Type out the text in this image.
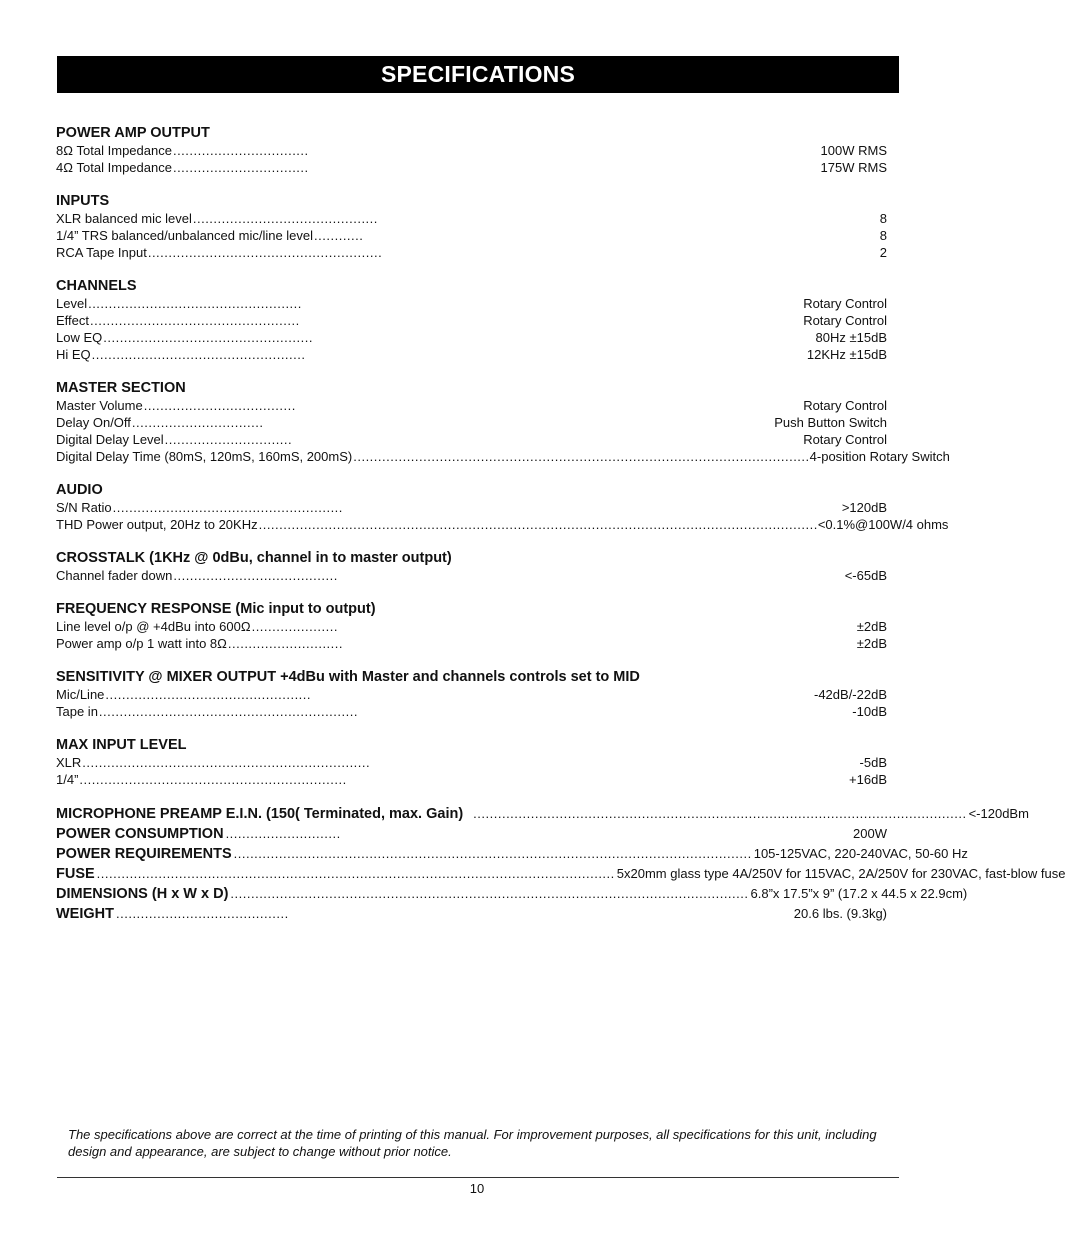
SPECIFICATIONS
POWER AMP OUTPUT
8Ω Total Impedance .................................	100W RMS
4Ω Total Impedance .................................	175W RMS
INPUTS
XLR balanced mic level .............................................	8
1/4” TRS balanced/unbalanced mic/line level ............	8
RCA Tape Input .........................................................	2
CHANNELS
Level ....................................................	Rotary Control
Effect ...................................................	Rotary Control
Low EQ ...................................................	80Hz ±15dB
Hi EQ ....................................................	12KHz ±15dB
MASTER SECTION
Master Volume .....................................	Rotary Control
Delay On/Off ................................	Push Button Switch
Digital Delay Level ...............................	Rotary Control
Digital Delay Time (80mS, 120mS, 160mS, 200mS) ............................................................................................................... 4-position Rotary Switch
AUDIO
S/N Ratio ........................................................	>120dB
THD Power output, 20Hz to 20KHz ........................................................................................................................................ <0.1%@100W/4 ohms
CROSSTALK (1KHz @ 0dBu, channel in to master output)
Channel fader down ........................................	<-65dB
FREQUENCY RESPONSE (Mic input to output)
Line level o/p @ +4dBu into 600Ω .....................	±2dB
Power amp o/p 1 watt into 8Ω ............................	±2dB
SENSITIVITY @ MIXER OUTPUT +4dBu with Master and channels controls set to MID
Mic/Line ..................................................	-42dB/-22dB
Tape in ...............................................................	-10dB
MAX INPUT LEVEL
XLR ......................................................................	-5dB
1/4” .................................................................	+16dB
MICROPHONE PREAMP E.I.N. (150( Terminated, max. Gain) ........................................................................................................................ <-120dBm
POWER CONSUMPTION ............................	200W
POWER REQUIREMENTS .............................................................................................................................. 105-125VAC, 220-240VAC, 50-60 Hz
FUSE .............................................................................................................................. 5x20mm glass type 4A/250V for 115VAC, 2A/250V for 230VAC, fast-blow fuse
DIMENSIONS (H x W x D) .............................................................................................................................. 6.8”x 17.5”x 9” (17.2 x 44.5 x 22.9cm)
WEIGHT ..........................................	20.6 lbs. (9.3kg)
The specifications above are correct at the time of printing of this manual. For improvement purposes, all specifications for this unit, including design and appearance, are subject to change without prior notice.
10
